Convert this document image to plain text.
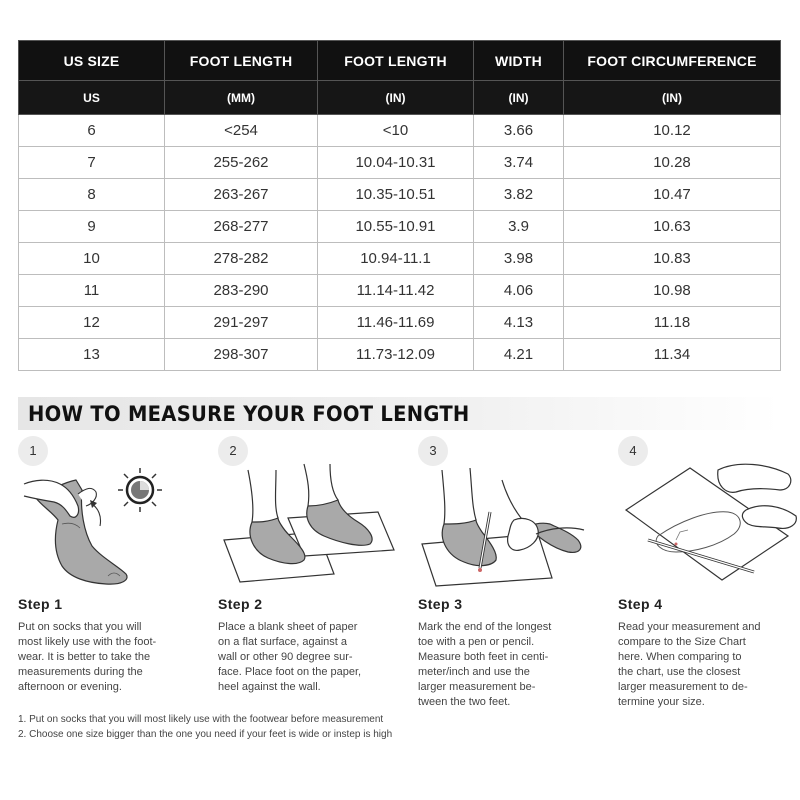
US SIZE	FOOT LENGTH	FOOT LENGTH	WIDTH	FOOT CIRCUMFERENCE
US	(MM)	(IN)	(IN)	(IN)
6	<254	<10	3.66	10.12
7	255-262	10.04-10.31	3.74	10.28
8	263-267	10.35-10.51	3.82	10.47
9	268-277	10.55-10.91	3.9	10.63
10	278-282	10.94-11.1	3.98	10.83
11	283-290	11.14-11.42	4.06	10.98
12	291-297	11.46-11.69	4.13	11.18
13	298-307	11.73-12.09	4.21	11.34
HOW TO MEASURE YOUR FOOT LENGTH
1
Step 1
Put on socks that you will
most likely use with the foot-
wear. It is better to take the
measurements during the
afternoon or evening.
2
Step 2
Place a blank sheet of paper
on a flat surface, against a
wall or other 90 degree sur-
face. Place foot on the paper,
heel against the wall.
3
Step 3
Mark the end of the longest
toe with a pen or pencil.
Measure both feet in centi-
meter/inch and use the
larger measurement be-
tween the two feet.
4
Step 4
Read your measurement and
compare to the Size Chart
here. When comparing to
the chart, use the closest
larger measurement to de-
termine your size.
1. Put on socks that you will most likely use with the footwear before measurement
2. Choose one size bigger than the one you need if your feet is wide or instep is high
